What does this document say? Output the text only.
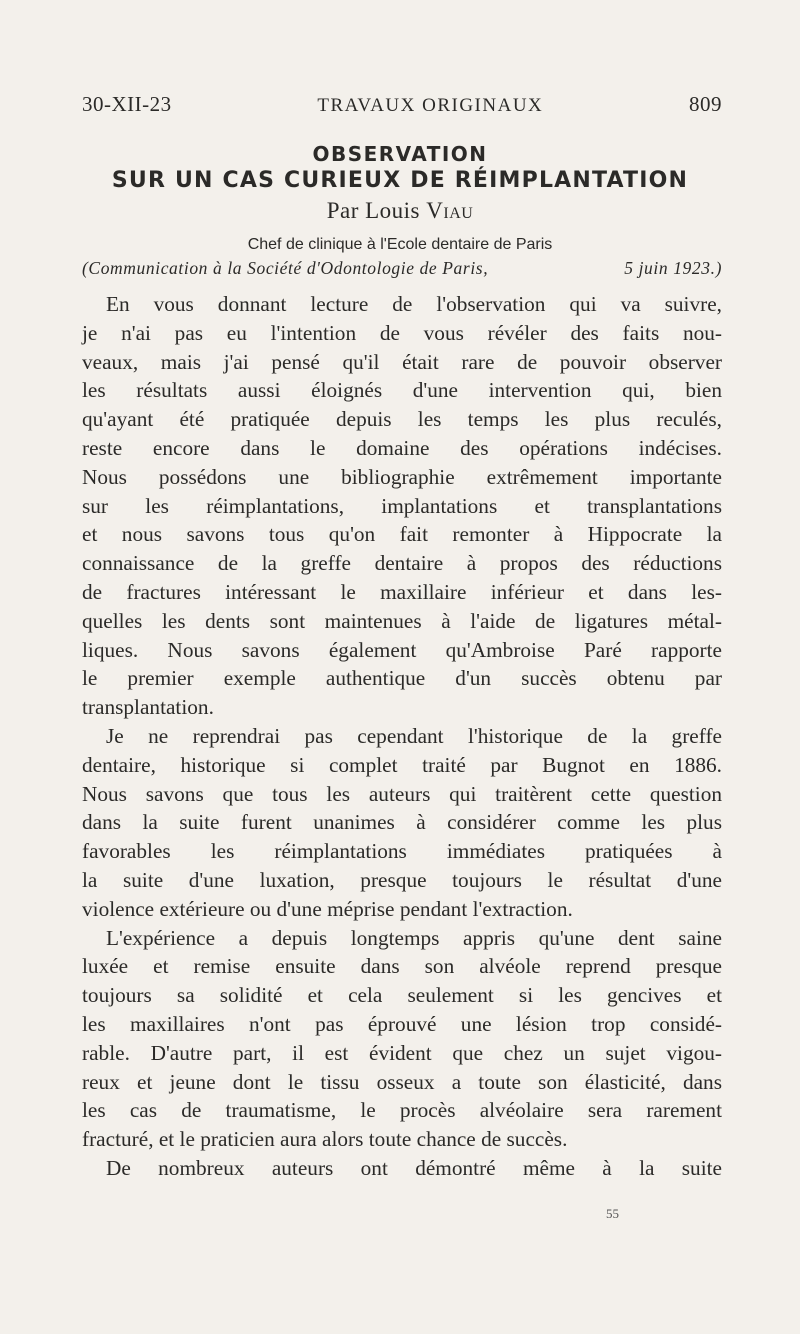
30-XII-23	TRAVAUX ORIGINAUX	809
OBSERVATION
SUR UN CAS CURIEUX DE RÉIMPLANTATION
Par Louis Viau
Chef de clinique à l'Ecole dentaire de Paris
(Communication à la Société d'Odontologie de Paris,	5 juin 1923.)
En vous donnant lecture de l'observation qui va suivre,
je n'ai pas eu l'intention de vous révéler des faits nou-
veaux, mais j'ai pensé qu'il était rare de pouvoir observer
les résultats aussi éloignés d'une intervention qui, bien
qu'ayant été pratiquée depuis les temps les plus reculés,
reste encore dans le domaine des opérations indécises.
Nous possédons une bibliographie extrêmement importante
sur les réimplantations, implantations et transplantations
et nous savons tous qu'on fait remonter à Hippocrate la
connaissance de la greffe dentaire à propos des réductions
de fractures intéressant le maxillaire inférieur et dans les-
quelles les dents sont maintenues à l'aide de ligatures métal-
liques. Nous savons également qu'Ambroise Paré rapporte
le premier exemple authentique d'un succès obtenu par
transplantation.
Je ne reprendrai pas cependant l'historique de la greffe
dentaire, historique si complet traité par Bugnot en 1886.
Nous savons que tous les auteurs qui traitèrent cette question
dans la suite furent unanimes à considérer comme les plus
favorables les réimplantations immédiates pratiquées à
la suite d'une luxation, presque toujours le résultat d'une
violence extérieure ou d'une méprise pendant l'extraction.
L'expérience a depuis longtemps appris qu'une dent saine
luxée et remise ensuite dans son alvéole reprend presque
toujours sa solidité et cela seulement si les gencives et
les maxillaires n'ont pas éprouvé une lésion trop considé-
rable. D'autre part, il est évident que chez un sujet vigou-
reux et jeune dont le tissu osseux a toute son élasticité, dans
les cas de traumatisme, le procès alvéolaire sera rarement
fracturé, et le praticien aura alors toute chance de succès.
De nombreux auteurs ont démontré même à la suite
55
